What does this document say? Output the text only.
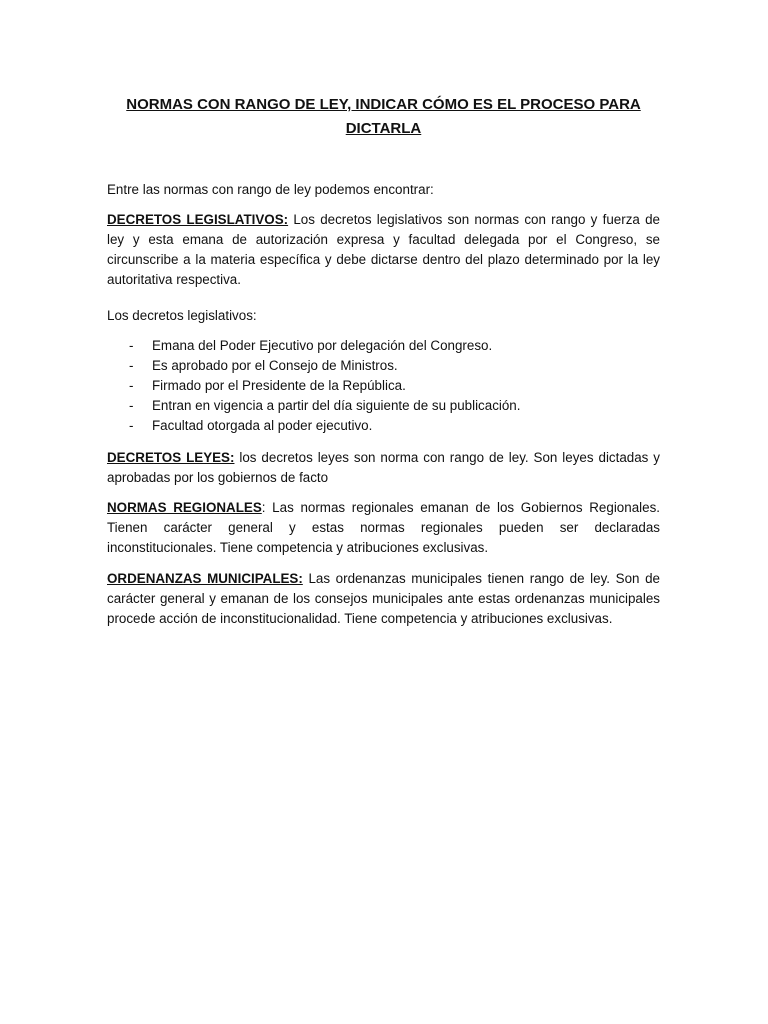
NORMAS CON RANGO DE LEY, INDICAR CÓMO ES EL PROCESO PARA
DICTARLA

Entre las normas con rango de ley podemos encontrar:

DECRETOS LEGISLATIVOS: Los decretos legislativos son normas con rango y fuerza de ley y esta emana de autorización expresa y facultad delegada por el Congreso, se circunscribe a la materia específica y debe dictarse dentro del plazo determinado por la ley autoritativa respectiva.

Los decretos legislativos:

- Emana del Poder Ejecutivo por delegación del Congreso.
- Es aprobado por el Consejo de Ministros.
- Firmado por el Presidente de la República.
- Entran en vigencia a partir del día siguiente de su publicación.
- Facultad otorgada al poder ejecutivo.

DECRETOS LEYES: los decretos leyes son norma con rango de ley. Son leyes dictadas y aprobadas por los gobiernos de facto

NORMAS REGIONALES: Las normas regionales emanan de los Gobiernos Regionales. Tienen carácter general y estas normas regionales pueden ser declaradas inconstitucionales. Tiene competencia y atribuciones exclusivas.

ORDENANZAS MUNICIPALES: Las ordenanzas municipales tienen rango de ley. Son de carácter general y emanan de los consejos municipales ante estas ordenanzas municipales procede acción de inconstitucionalidad. Tiene competencia y atribuciones exclusivas.
